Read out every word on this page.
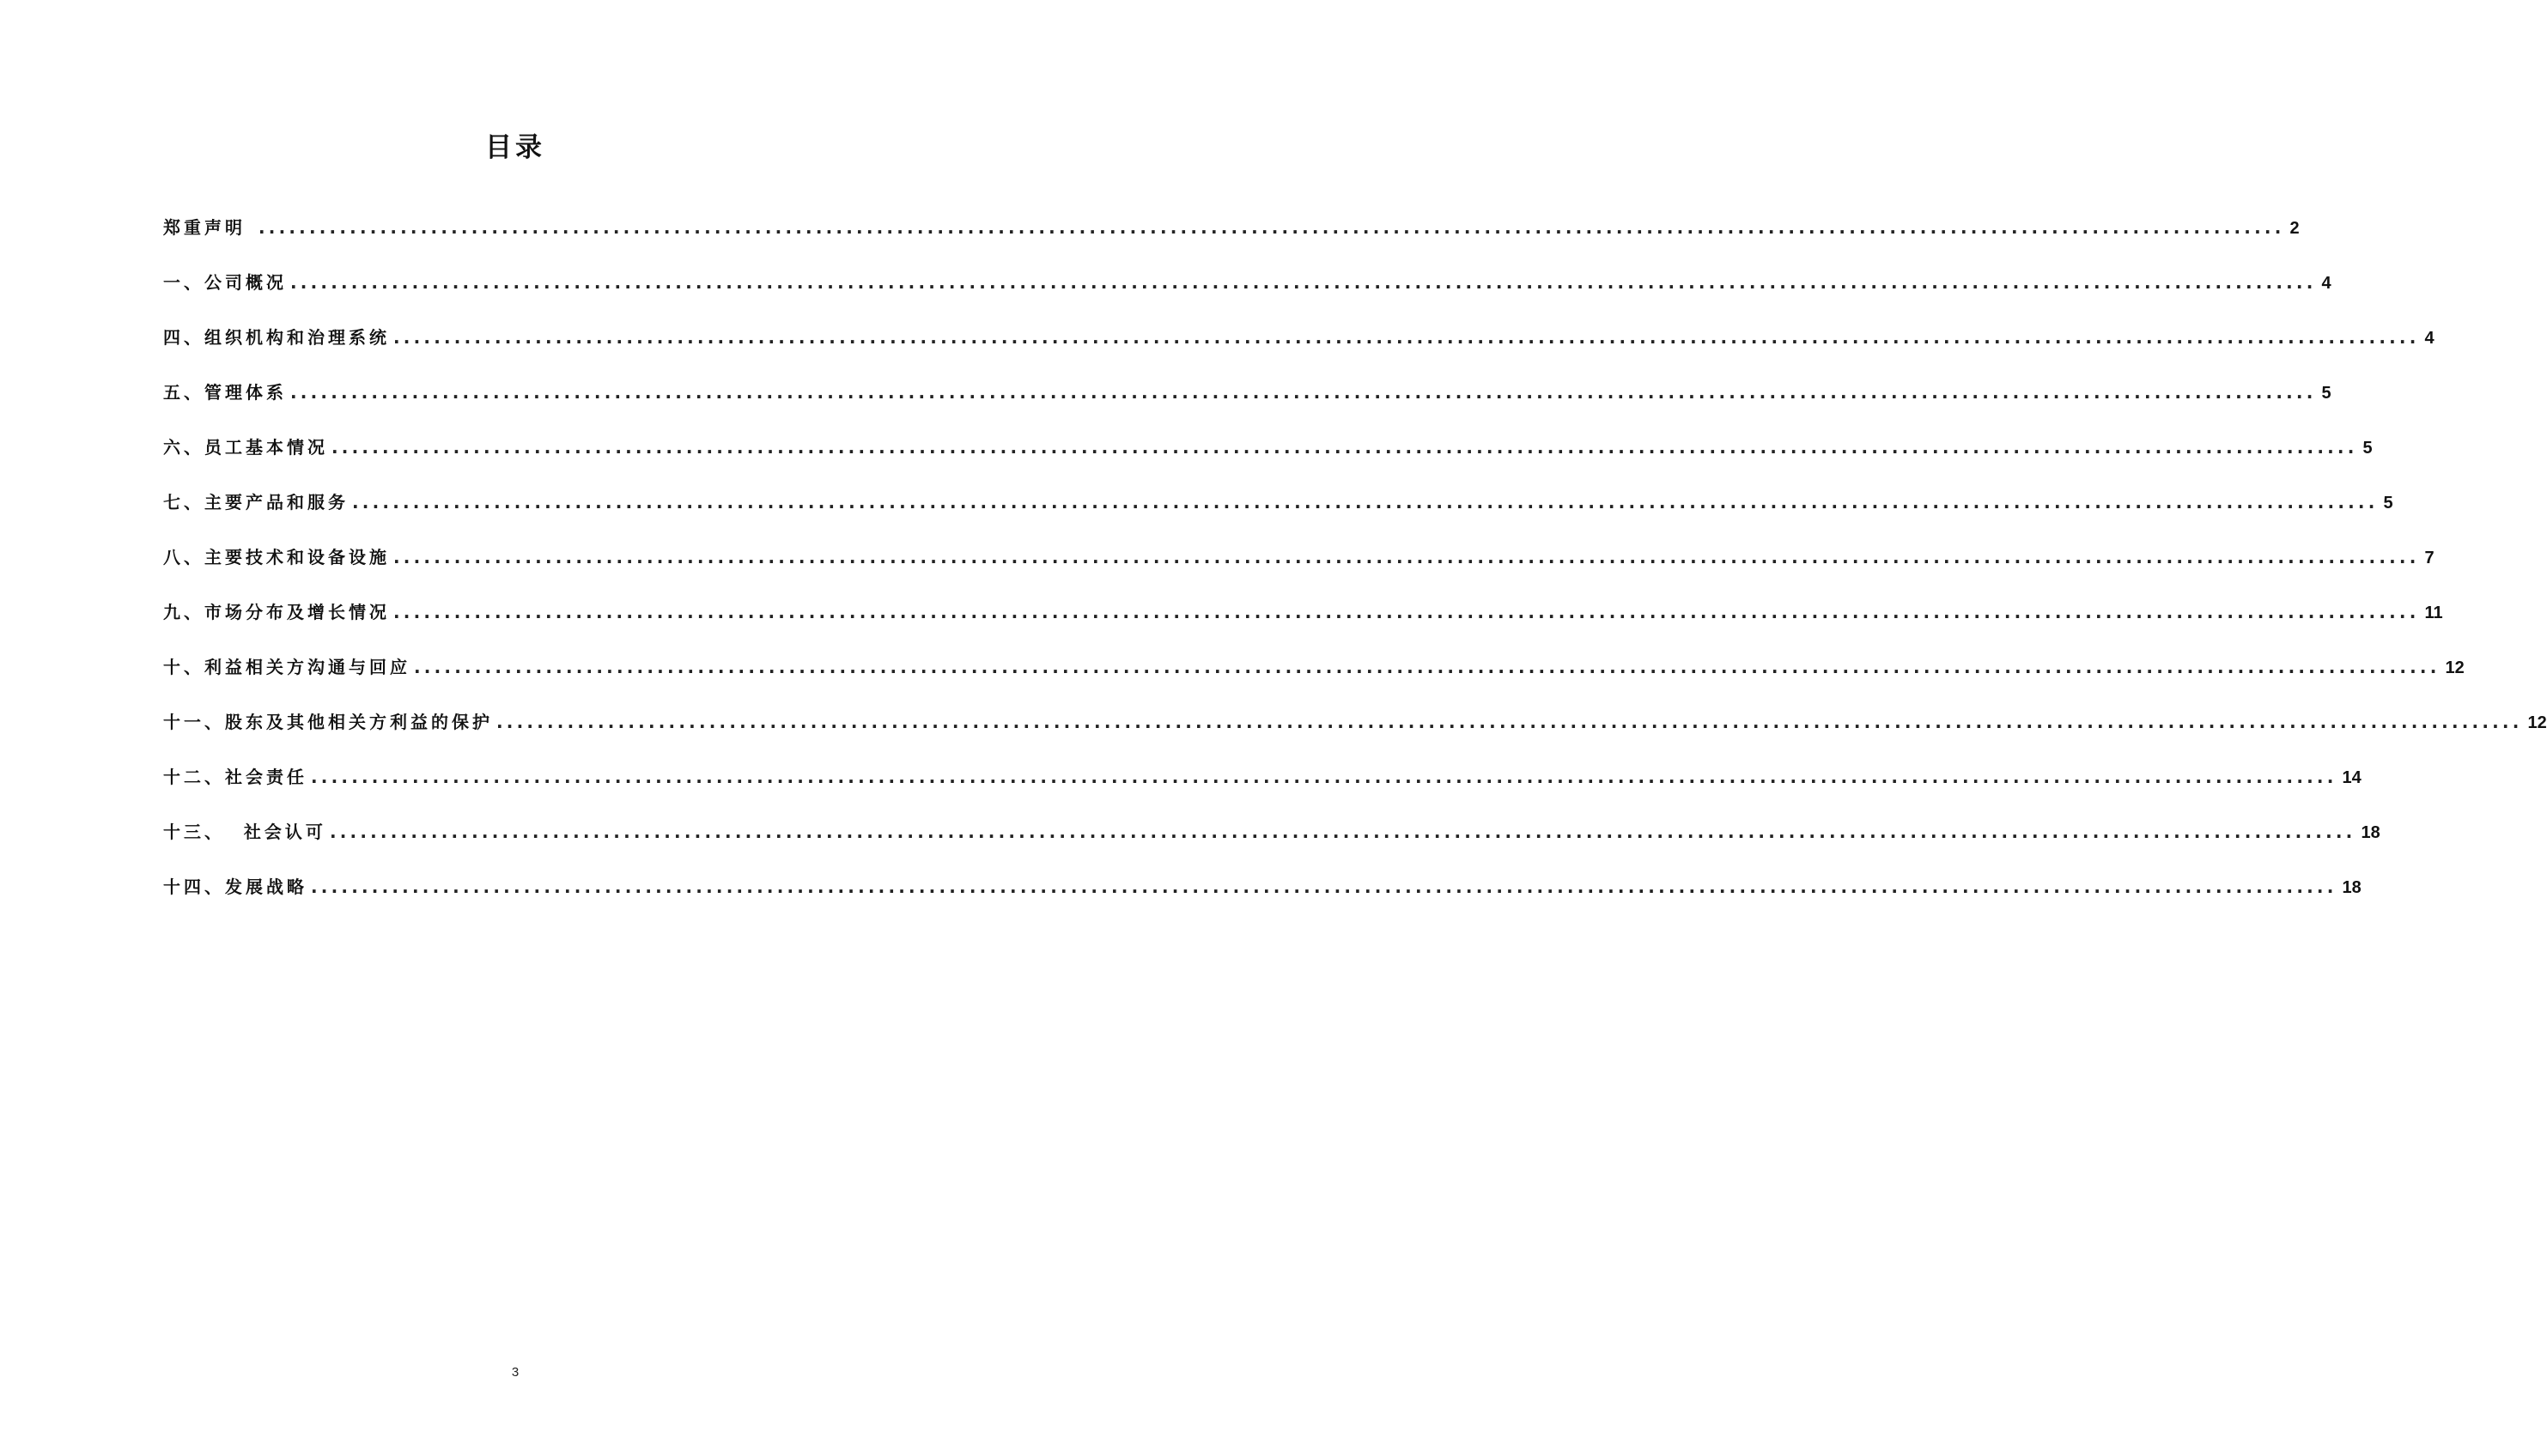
目录
郑重声明 ........................................................................................................................................................................................................ 2
一、公司概况 ........................................................................................................................................................................................................ 4
四、组织机构和治理系统 ........................................................................................................................................................................................................ 4
五、管理体系 ........................................................................................................................................................................................................ 5
六、员工基本情况 ........................................................................................................................................................................................................ 5
七、主要产品和服务 ........................................................................................................................................................................................................ 5
八、主要技术和设备设施 ........................................................................................................................................................................................................ 7
九、市场分布及增长情况 ........................................................................................................................................................................................................ 11
十、利益相关方沟通与回应 ........................................................................................................................................................................................................ 12
十一、股东及其他相关方利益的保护 ........................................................................................................................................................................................................ 12
十二、社会责任 ........................................................................................................................................................................................................ 14
十三、  社会认可 ........................................................................................................................................................................................................ 18
十四、发展战略 ........................................................................................................................................................................................................ 18
3
